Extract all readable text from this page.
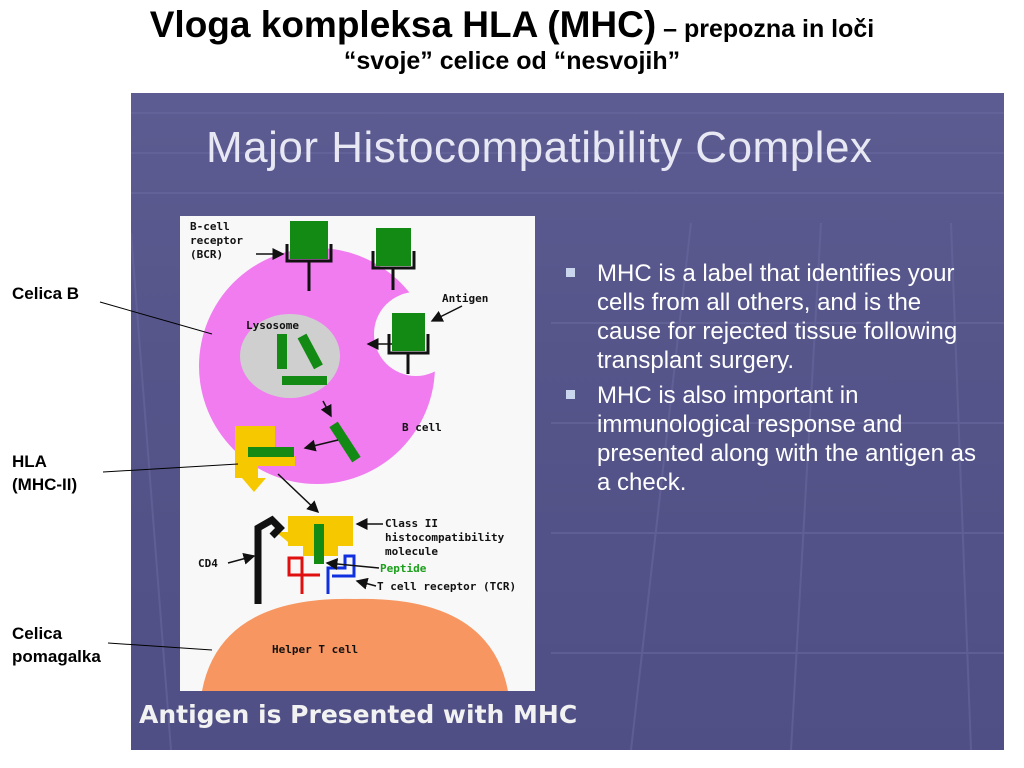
Vloga kompleksa HLA (MHC) – prepozna in loči
“svoje” celice od “nesvojih”
Celica B
HLA
(MHC-II)
Celica
pomagalka
Major Histocompatibility Complex
Helper T cell
B cell
Lysosome
B-cell
receptor
(BCR)
Antigen
CD4
Class II
histocompatibility
molecule
Peptide
T cell receptor (TCR)
MHC is a label that identifies your cells from all others, and is the cause for rejected tissue following transplant surgery.
MHC is also important in immunological response and presented along with the antigen as a check.
Antigen is Presented with MHC
